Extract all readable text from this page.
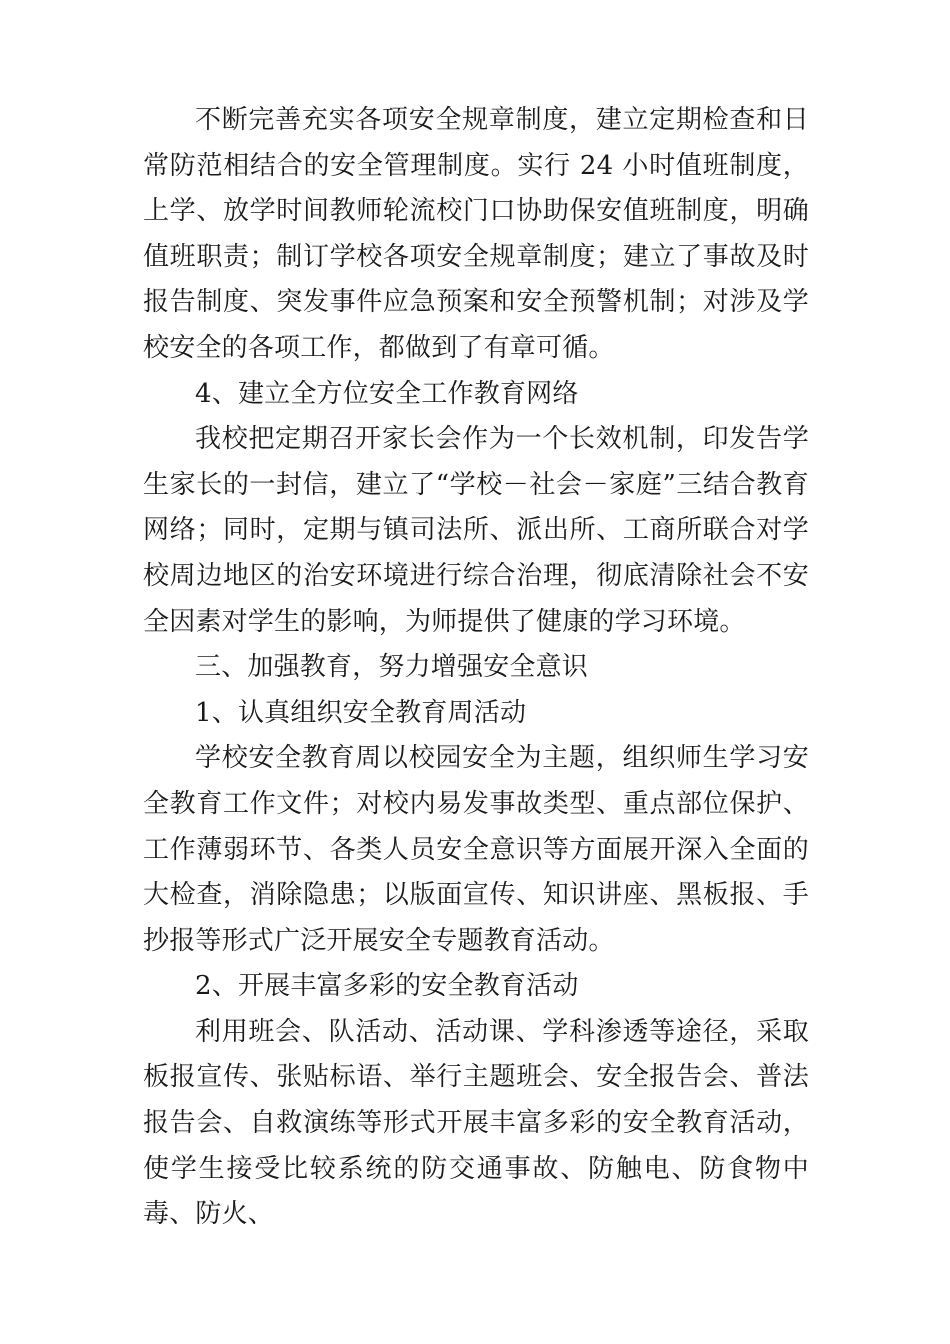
不断完善充实各项安全规章制度，建立定期检查和日常防范相结合的安全管理制度。实行 24 小时值班制度，上学、放学时间教师轮流校门口协助保安值班制度，明确值班职责；制订学校各项安全规章制度；建立了事故及时报告制度、突发事件应急预案和安全预警机制；对涉及学校安全的各项工作，都做到了有章可循。

4、建立全方位安全工作教育网络

我校把定期召开家长会作为一个长效机制，印发告学生家长的一封信，建立了“学校－社会－家庭”三结合教育网络；同时，定期与镇司法所、派出所、工商所联合对学校周边地区的治安环境进行综合治理，彻底清除社会不安全因素对学生的影响，为师提供了健康的学习环境。

三、加强教育，努力增强安全意识

1、认真组织安全教育周活动

学校安全教育周以校园安全为主题，组织师生学习安全教育工作文件；对校内易发事故类型、重点部位保护、工作薄弱环节、各类人员安全意识等方面展开深入全面的大检查，消除隐患；以版面宣传、知识讲座、黑板报、手抄报等形式广泛开展安全专题教育活动。

2、开展丰富多彩的安全教育活动

利用班会、队活动、活动课、学科渗透等途径，采取板报宣传、张贴标语、举行主题班会、安全报告会、普法报告会、自救演练等形式开展丰富多彩的安全教育活动，使学生接受比较系统的防交通事故、防触电、防食物中毒、防火、
